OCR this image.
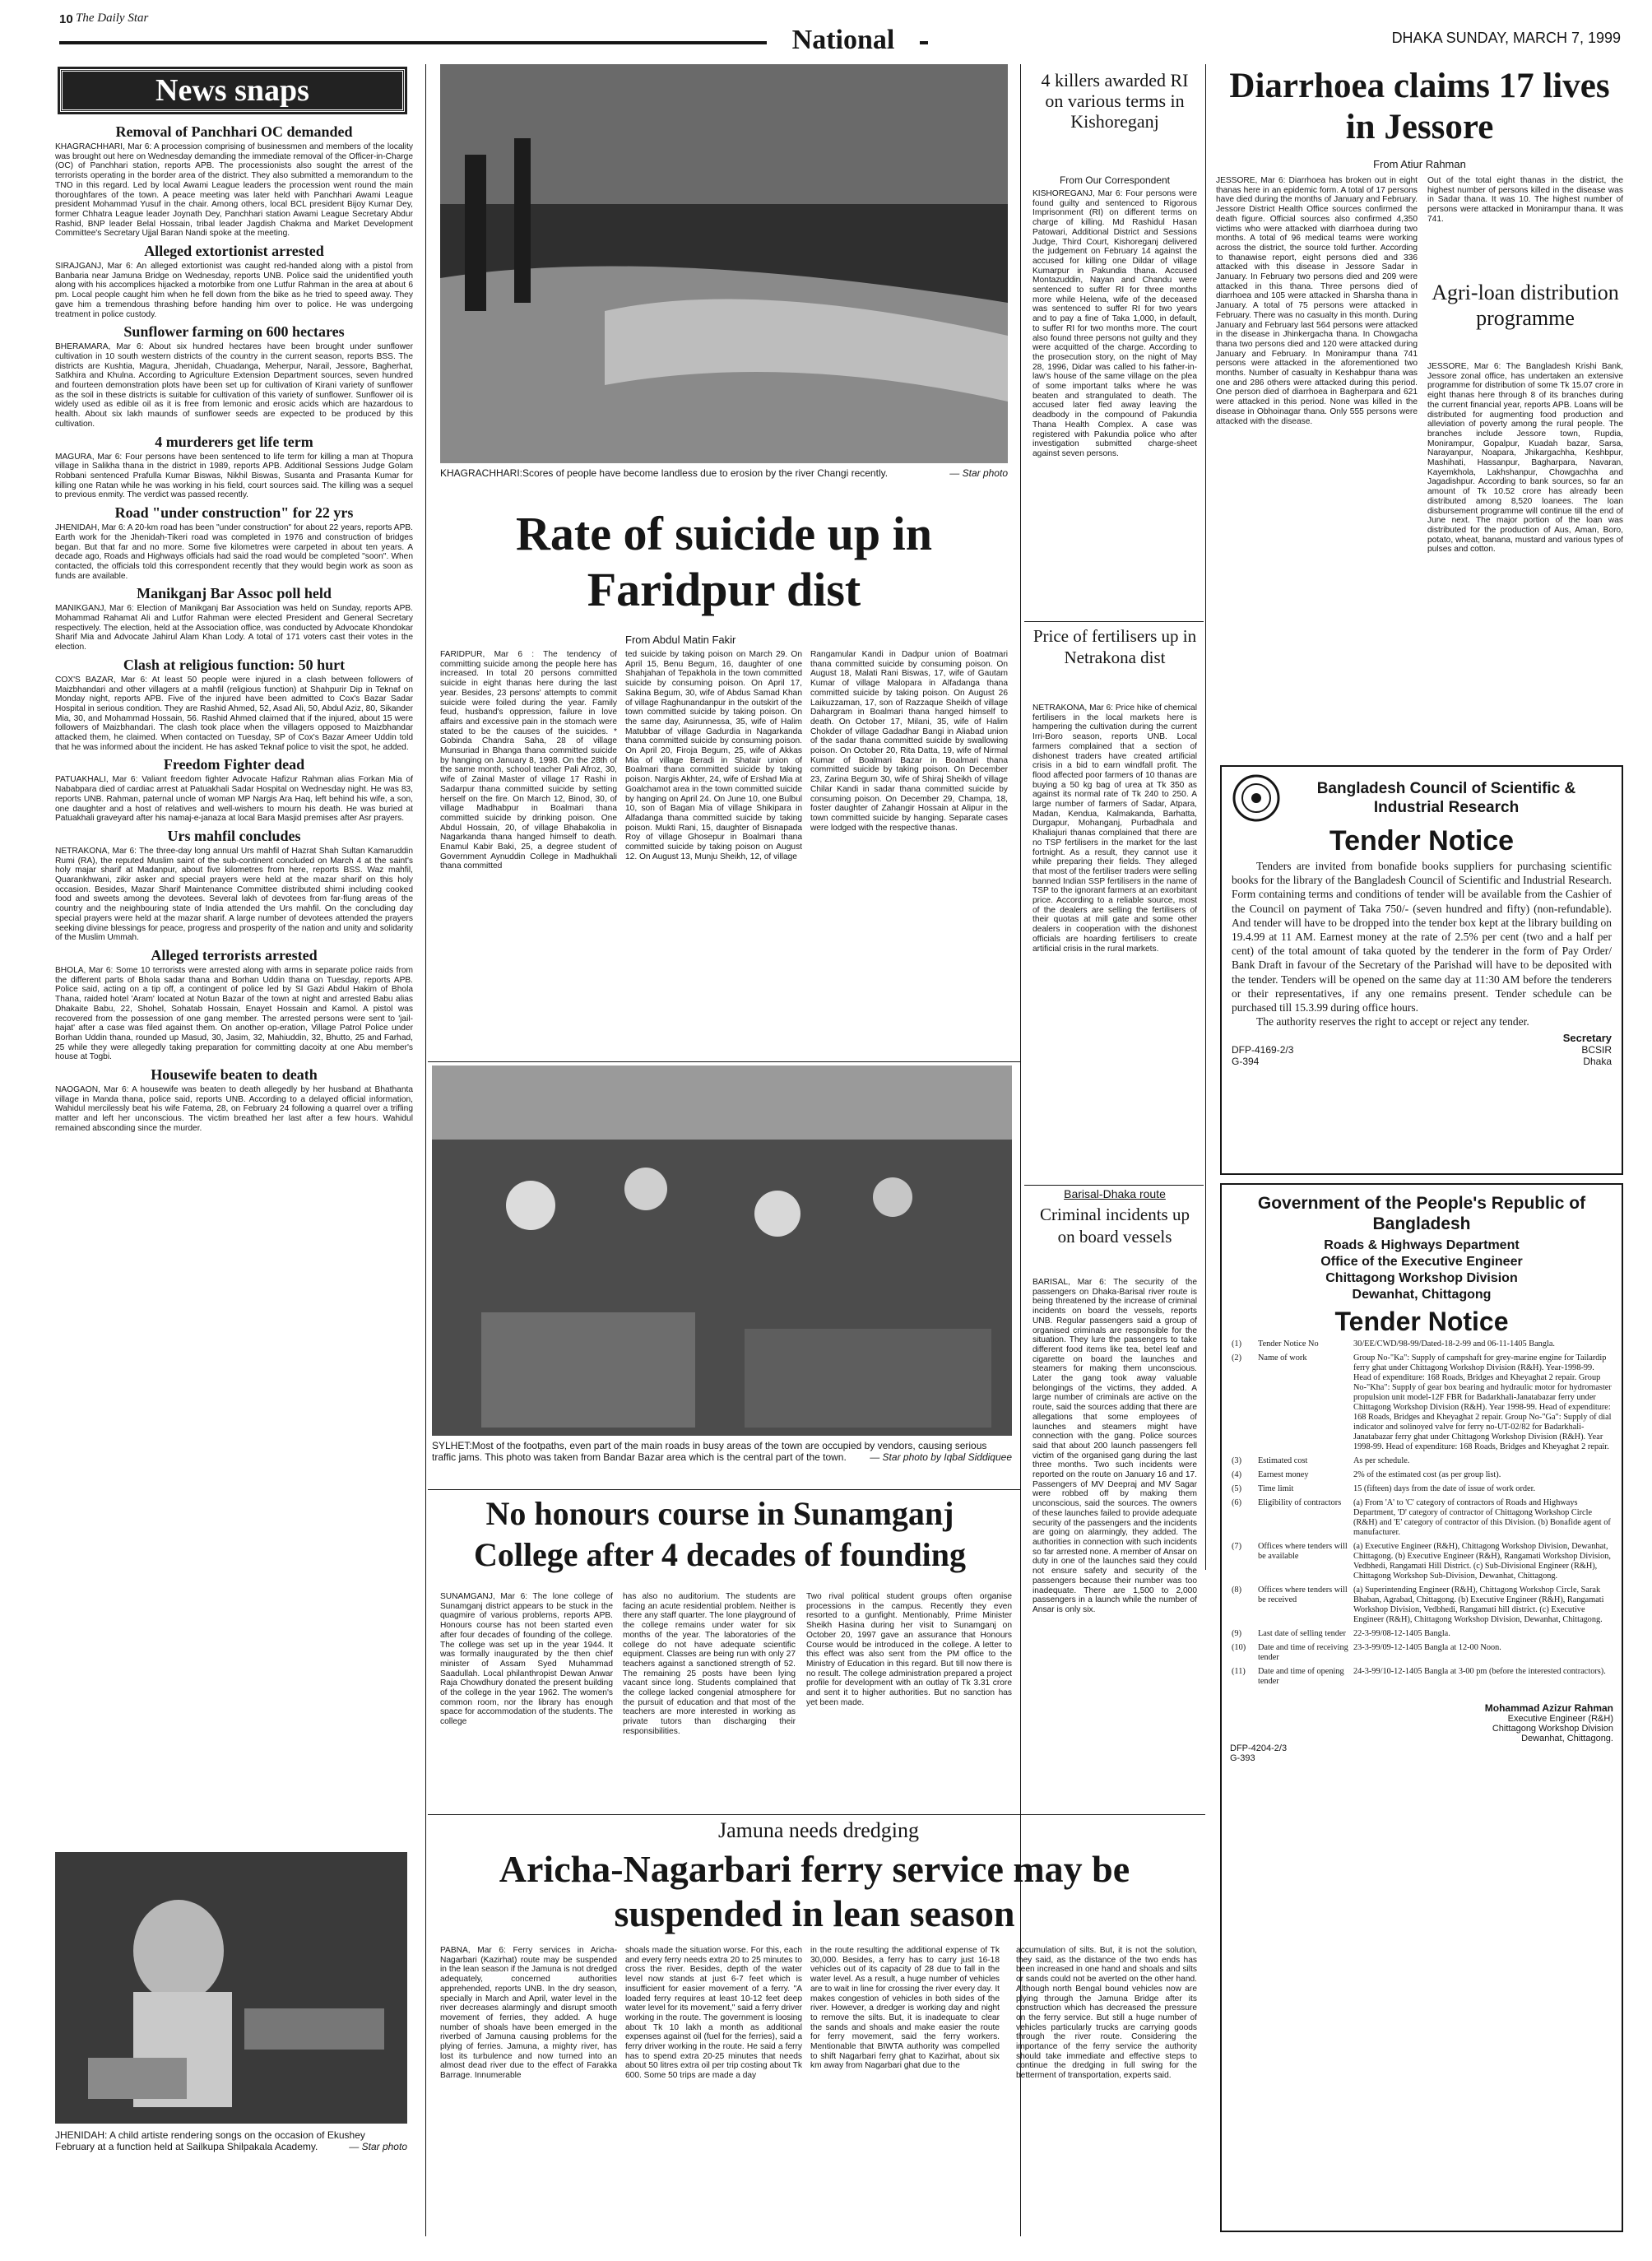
10 The Daily Star
National	DHAKA SUNDAY, MARCH 7, 1999
News snaps
Removal of Panchhari OC demanded
KHAGRACHHARI, Mar 6: A procession comprising of businessmen and members of the locality was brought out here on Wednesday demanding the immediate removal of the Officer-in-Charge (OC) of Panchhari station, reports APB. The processionists also sought the arrest of the terrorists operating in the border area of the district. They also submitted a memorandum to the TNO in this regard. Led by local Awami League leaders the procession went round the main thoroughfares of the town. A peace meeting was later held with Panchhari Awami League president Mohammad Yusuf in the chair. Among others, local BCL president Bijoy Kumar Dey, former Chhatra League leader Joynath Dey, Panchhari station Awami League Secretary Abdur Rashid, BNP leader Belal Hossain, tribal leader Jagdish Chakma and Market Development Committee's Secretary Ujjal Baran Nandi spoke at the meeting.
Alleged extortionist arrested
SIRAJGANJ, Mar 6: An alleged extortionist was caught red-handed along with a pistol from Banbaria near Jamuna Bridge on Wednesday, reports UNB. Police said the unidentified youth along with his accomplices hijacked a motorbike from one Lutfur Rahman in the area at about 6 pm. Local people caught him when he fell down from the bike as he tried to speed away. They gave him a tremendous thrashing before handing him over to police. He was undergoing treatment in police custody.
Sunflower farming on 600 hectares
BHERAMARA, Mar 6: About six hundred hectares have been brought under sunflower cultivation in 10 south western districts of the country in the current season, reports BSS. The districts are Kushtia, Magura, Jhenidah, Chuadanga, Meherpur, Narail, Jessore, Bagherhat, Satkhira and Khulna. According to Agriculture Extension Department sources, seven hundred and fourteen demonstration plots have been set up for cultivation of Kirani variety of sunflower as the soil in these districts is suitable for cultivation of this variety of sunflower. Sunflower oil is widely used as edible oil as it is free from lemonic and erosic acids which are hazardous to health. About six lakh maunds of sunflower seeds are expected to be produced by this cultivation.
4 murderers get life term
MAGURA, Mar 6: Four persons have been sentenced to life term for killing a man at Thopura village in Salikha thana in the district in 1989, reports APB. Additional Sessions Judge Golam Robbani sentenced Prafulla Kumar Biswas, Nikhil Biswas, Susanta and Prasanta Kumar for killing one Ratan while he was working in his field, court sources said. The killing was a sequel to previous enmity. The verdict was passed recently.
Road "under construction" for 22 yrs
JHENIDAH, Mar 6: A 20-km road has been "under construction" for about 22 years, reports APB. Earth work for the Jhenidah-Tikeri road was completed in 1976 and construction of bridges began. But that far and no more. Some five kilometres were carpeted in about ten years. A decade ago, Roads and Highways officials had said the road would be completed "soon". When contacted, the officials told this correspondent recently that they would begin work as soon as funds are available.
Manikganj Bar Assoc poll held
MANIKGANJ, Mar 6: Election of Manikganj Bar Association was held on Sunday, reports APB. Mohammad Rahamat Ali and Lutfor Rahman were elected President and General Secretary respectively. The election, held at the Association office, was conducted by Advocate Khondokar Sharif Mia and Advocate Jahirul Alam Khan Lody. A total of 171 voters cast their votes in the election.
Clash at religious function: 50 hurt
COX'S BAZAR, Mar 6: At least 50 people were injured in a clash between followers of Maizbhandari and other villagers at a mahfil (religious function) at Shahpurir Dip in Teknaf on Monday night, reports APB. Five of the injured have been admitted to Cox's Bazar Sadar Hospital in serious condition. They are Rashid Ahmed, 52, Asad Ali, 50, Abdul Aziz, 80, Sikander Mia, 30, and Mohammad Hossain, 56. Rashid Ahmed claimed that if the injured, about 15 were followers of Maizbhandari. The clash took place when the villagers opposed to Maizbhandar attacked them, he claimed. When contacted on Tuesday, SP of Cox's Bazar Ameer Uddin told that he was informed about the incident. He has asked Teknaf police to visit the spot, he added.
Freedom Fighter dead
PATUAKHALI, Mar 6: Valiant freedom fighter Advocate Hafizur Rahman alias Forkan Mia of Nababpara died of cardiac arrest at Patuakhali Sadar Hospital on Wednesday night. He was 83, reports UNB. Rahman, paternal uncle of woman MP Nargis Ara Haq, left behind his wife, a son, one daughter and a host of relatives and well-wishers to mourn his death. He was buried at Patuakhali graveyard after his namaj-e-janaza at local Bara Masjid premises after Asr prayers.
Urs mahfil concludes
NETRAKONA, Mar 6: The three-day long annual Urs mahfil of Hazrat Shah Sultan Kamaruddin Rumi (RA), the reputed Muslim saint of the sub-continent concluded on March 4 at the saint's holy majar sharif at Madanpur, about five kilometres from here, reports BSS. Waz mahfil, Quarankhwani, zikir asker and special prayers were held at the mazar sharif on this holy occasion. Besides, Mazar Sharif Maintenance Committee distributed shirni including cooked food and sweets among the devotees. Several lakh of devotees from far-flung areas of the country and the neighbouring state of India attended the Urs mahfil. On the concluding day special prayers were held at the mazar sharif. A large number of devotees attended the prayers seeking divine blessings for peace, progress and prosperity of the nation and unity and solidarity of the Muslim Ummah.
Alleged terrorists arrested
BHOLA, Mar 6: Some 10 terrorists were arrested along with arms in separate police raids from the different parts of Bhola sadar thana and Borhan Uddin thana on Tuesday, reports APB. Police said, acting on a tip off, a contingent of police led by SI Gazi Abdul Hakim of Bhola Thana, raided hotel 'Aram' located at Notun Bazar of the town at night and arrested Babu alias Dhakaite Babu, 22, Shohel, Sohatab Hossain, Enayet Hossain and Kamol. A pistol was recovered from the possession of one gang member. The arrested persons were sent to 'jail-hajat' after a case was filed against them. On another op-eration, Village Patrol Police under Borhan Uddin thana, rounded up Masud, 30, Jasim, 32, Mahiuddin, 32, Bhutto, 25 and Farhad, 25 while they were allegedly taking preparation for committing dacoity at one Abu member's house at Togbi.
Housewife beaten to death
NAOGAON, Mar 6: A housewife was beaten to death allegedly by her husband at Bhathanta village in Manda thana, police said, reports UNB. According to a delayed official information, Wahidul mercilessly beat his wife Fatema, 28, on February 24 following a quarrel over a trifling matter and left her unconscious. The victim breathed her last after a few hours. Wahidul remained absconding since the murder.
JHENIDAH: A child artiste rendering songs on the occasion of Ekushey February at a function held at Sailkupa Shilpakala Academy.	— Star photo
KHAGRACHHARI:Scores of people have become landless due to erosion by the river Changi recently.	— Star photo
Rate of suicide up in Faridpur dist
From Abdul Matin Fakir
FARIDPUR, Mar 6 : The tendency of committing suicide among the people here has increased. In total 20 persons committed suicide in eight thanas here during the last year. Besides, 23 persons' attempts to commit suicide were foiled during the year. Family feud, husband's oppression, failure in love affairs and excessive pain in the stomach were stated to be the causes of the suicides. * Gobinda Chandra Saha, 28 of village Munsuriad in Bhanga thana committed suicide by hanging on January 8, 1998. On the 28th of the same month, school teacher Pali Afroz, 30, wife of Zainal Master of village 17 Rashi in Sadarpur thana committed suicide by setting herself on the fire. On March 12, Binod, 30, of village Madhabpur in Boalmari thana committed suicide by drinking poison. One Abdul Hossain, 20, of village Bhabakolia in Nagarkanda thana hanged himself to death. Enamul Kabir Baki, 25, a degree student of Government Aynuddin College in Madhukhali thana committed
ted suicide by taking poison on March 29. On April 15, Benu Begum, 16, daughter of one Shahjahan of Tepakhola in the town committed suicide by consuming poison. On April 17, Sakina Begum, 30, wife of Abdus Samad Khan of village Raghunandanpur in the outskirt of the town committed suicide by taking poison. On the same day, Asirunnessa, 35, wife of Halim Matubbar of village Gadurdia in Nagarkanda thana committed suicide by consuming poison. On April 20, Firoja Begum, 25, wife of Akkas Mia of village Beradi in Shatair union of Boalmari thana committed suicide by taking poison. Nargis Akhter, 24, wife of Ershad Mia at Goalchamot area in the town committed suicide by hanging on April 24. On June 10, one Bulbul 10, son of Bagan Mia of village Shikipara in Alfadanga thana committed suicide by taking poison. Mukti Rani, 15, daughter of Bisnapada Roy of village Ghosepur in Boalmari thana committed suicide by taking poison on August 12. On August 13, Munju Sheikh, 12, of village
Rangamular Kandi in Dadpur union of Boatmari thana committed suicide by consuming poison. On August 18, Malati Rani Biswas, 17, wife of Gautam Kumar of village Malopara in Alfadanga thana committed suicide by taking poison. On August 26 Laikuzzaman, 17, son of Razzaque Sheikh of village Dahargram in Boalmari thana hanged himself to death. On October 17, Milani, 35, wife of Halim Chokder of village Gadadhar Bangi in Aliabad union of the sadar thana committed suicide by swallowing poison. On October 20, Rita Datta, 19, wife of Nirmal Kumar of Boalmari Bazar in Boalmari thana committed suicide by taking poison. On December 23, Zarina Begum 30, wife of Shiraj Sheikh of village Chilar Kandi in sadar thana committed suicide by consuming poison. On December 29, Champa, 18, foster daughter of Zahangir Hossain at Alipur in the town committed suicide by hanging. Separate cases were lodged with the respective thanas.
SYLHET:Most of the footpaths, even part of the main roads in busy areas of the town are occupied by vendors, causing serious traffic jams. This photo was taken from Bandar Bazar area which is the central part of the town. — Star photo by Iqbal Siddiquee
No honours course in Sunamganj College after 4 decades of founding
SUNAMGANJ, Mar 6: The lone college of Sunamganj district appears to be stuck in the quagmire of various problems, reports APB. Honours course has not been started even after four decades of founding of the college. The college was set up in the year 1944. It was formally inaugurated by the then chief minister of Assam Syed Muhammad Saadullah. Local philanthropist Dewan Anwar Raja Chowdhury donated the present building of the college in the year 1962. The women's common room, nor the library has enough space for accommodation of the students. The college
has also no auditorium. The students are facing an acute residential problem. Neither is there any staff quarter. The lone playground of the college remains under water for six months of the year. The laboratories of the college do not have adequate scientific equipment. Classes are being run with only 27 teachers against a sanctioned strength of 52. The remaining 25 posts have been lying vacant since long. Students complained that the college lacked congenial atmosphere for the pursuit of education and that most of the teachers are more interested in working as private tutors than discharging their responsibilities.
Two rival political student groups often organise processions in the campus. Recently they even resorted to a gunfight. Mentionably, Prime Minister Sheikh Hasina during her visit to Sunamganj on October 20, 1997 gave an assurance that Honours Course would be introduced in the college. A letter to this effect was also sent from the PM office to the Ministry of Education in this regard. But till now there is no result. The college administration prepared a project profile for development with an outlay of Tk 3.31 crore and sent it to higher authorities. But no sanction has yet been made.
4 killers awarded RI on various terms in Kishoreganj
From Our Correspondent
KISHOREGANJ, Mar 6: Four persons were found guilty and sentenced to Rigorous Imprisonment (RI) on different terms on charge of killing. Md Rashidul Hasan Patowari, Additional District and Sessions Judge, Third Court, Kishoreganj delivered the judgement on February 14 against the accused for killing one Dildar of village Kumarpur in Pakundia thana. Accused Montazuddin, Nayan and Chandu were sentenced to suffer RI for three months more while Helena, wife of the deceased was sentenced to suffer RI for two years and to pay a fine of Taka 1,000, in default, to suffer RI for two months more. The court also found three persons not guilty and they were acquitted of the charge. According to the prosecution story, on the night of May 28, 1996, Didar was called to his father-in-law's house of the same village on the plea of some important talks where he was beaten and strangulated to death. The accused later fled away leaving the deadbody in the compound of Pakundia Thana Health Complex. A case was registered with Pakundia police who after investigation submitted charge-sheet against seven persons.
Price of fertilisers up in Netrakona dist
NETRAKONA, Mar 6: Price hike of chemical fertilisers in the local markets here is hampering the cultivation during the current Irri-Boro season, reports UNB. Local farmers complained that a section of dishonest traders have created artificial crisis in a bid to earn windfall profit. The flood affected poor farmers of 10 thanas are buying a 50 kg bag of urea at Tk 350 as against its normal rate of Tk 240 to 250. A large number of farmers of Sadar, Atpara, Madan, Kendua, Kalmakanda, Barhatta, Durgapur, Mohanganj, Purbadhala and Khaliajuri thanas complained that there are no TSP fertilisers in the market for the last fortnight. As a result, they cannot use it while preparing their fields. They alleged that most of the fertiliser traders were selling banned Indian SSP fertilisers in the name of TSP to the ignorant farmers at an exorbitant price. According to a reliable source, most of the dealers are selling the fertilisers of their quotas at mill gate and some other dealers in cooperation with the dishonest officials are hoarding fertilisers to create artificial crisis in the rural markets.
Barisal-Dhaka route
Criminal incidents up on board vessels
BARISAL, Mar 6: The security of the passengers on Dhaka-Barisal river route is being threatened by the increase of criminal incidents on board the vessels, reports UNB. Regular passengers said a group of organised criminals are responsible for the situation. They lure the passengers to take different food items like tea, betel leaf and cigarette on board the launches and steamers for making them unconscious. Later the gang took away valuable belongings of the victims, they added. A large number of criminals are active on the route, said the sources adding that there are allegations that some employees of launches and steamers might have connection with the gang. Police sources said that about 200 launch passengers fell victim of the organised gang during the last three months. Two such incidents were reported on the route on January 16 and 17. Passengers of MV Deepraj and MV Sagar were robbed off by making them unconscious, said the sources. The owners of these launches failed to provide adequate security of the passengers and the incidents are going on alarmingly, they added. The authorities in connection with such incidents so far arrested none. A member of Ansar on duty in one of the launches said they could not ensure safety and security of the passengers because their number was too inadequate. There are 1,500 to 2,000 passengers in a launch while the number of Ansar is only six.
Jamuna needs dredging
Aricha-Nagarbari ferry service may be suspended in lean season
PABNA, Mar 6: Ferry services in Aricha-Nagarbari (Kazirhat) route may be suspended in the lean season if the Jamuna is not dredged adequately, concerned authorities apprehended, reports UNB. In the dry season, specially in March and April, water level in the river decreases alarmingly and disrupt smooth movement of ferries, they added. A huge number of shoals have been emerged in the riverbed of Jamuna causing problems for the plying of ferries. Jamuna, a mighty river, has lost its turbulence and now turned into an almost dead river due to the effect of Farakka Barrage. Innumerable
shoals made the situation worse. For this, each and every ferry needs extra 20 to 25 minutes to cross the river. Besides, depth of the water level now stands at just 6-7 feet which is insufficient for easier movement of a ferry. "A loaded ferry requires at least 10-12 feet deep water level for its movement," said a ferry driver working in the route. The government is loosing about Tk 10 lakh a month as additional expenses against oil (fuel for the ferries), said a ferry driver working in the route. He said a ferry has to spend extra 20-25 minutes that needs about 50 litres extra oil per trip costing about Tk 600. Some 50 trips are made a day
in the route resulting the additional expense of Tk 30,000. Besides, a ferry has to carry just 16-18 vehicles out of its capacity of 28 due to fall in the water level. As a result, a huge number of vehicles are to wait in line for crossing the river every day. It makes congestion of vehicles in both sides of the river. However, a dredger is working day and night to remove the silts. But, it is inadequate to clear the sands and shoals and make easier the route for ferry movement, said the ferry workers. Mentionable that BIWTA authority was compelled to shift Nagarbari ferry ghat to Kazirhat, about six km away from Nagarbari ghat due to the
accumulation of silts. But, it is not the solution, they said, as the distance of the two ends has been increased in one hand and shoals and silts or sands could not be averted on the other hand. Although north Bengal bound vehicles now are plying through the Jamuna Bridge after its construction which has decreased the pressure on the ferry service. But still a huge number of vehicles particularly trucks are carrying goods through the river route. Considering the importance of the ferry service the authority should take immediate and effective steps to continue the dredging in full swing for the betterment of transportation, experts said.
Diarrhoea claims 17 lives in Jessore
From Atiur Rahman
JESSORE, Mar 6: Diarrhoea has broken out in eight thanas here in an epidemic form. A total of 17 persons have died during the months of January and February. Jessore District Health Office sources confirmed the death figure. Official sources also confirmed 4,350 victims who were attacked with diarrhoea during two months. A total of 96 medical teams were working across the district, the source told further. According to thanawise report, eight persons died and 336 attacked with this disease in Jessore Sadar in January. In February two persons died and 209 were attacked in this thana. Three persons died of diarrhoea and 105 were attacked in Sharsha thana in January. A total of 75 persons were attacked in February. There was no casualty in this month. During January and February last 564 persons were attacked in the disease in Jhinkergacha thana. In Chowgacha thana two persons died and 120 were attacked during January and February. In Monirampur thana 741 persons were attacked in the aforementioned two months. Number of casualty in Keshabpur thana was one and 286 others were attacked during this period. One person died of diarrhoea in Bagherpara and 621 were attacked in this period. None was killed in the disease in Obhoinagar thana. Only 555 persons were attacked with the disease.
Out of the total eight thanas in the district, the highest number of persons killed in the disease was in Sadar thana. It was 10. The highest number of persons were attacked in Monirampur thana. It was 741.
Agri-loan distribution programme
JESSORE, Mar 6: The Bangladesh Krishi Bank, Jessore zonal office, has undertaken an extensive programme for distribution of some Tk 15.07 crore in eight thanas here through 8 of its branches during the current financial year, reports APB. Loans will be distributed for augmenting food production and alleviation of poverty among the rural people. The branches include Jessore town, Rupdia, Monirampur, Gopalpur, Kuadah bazar, Sarsa, Narayanpur, Noapara, Jhikargachha, Keshbpur, Mashihati, Hassanpur, Bagharpara, Navaran, Kayemkhola, Lakhshanpur, Chowgachha and Jagadishpur. According to bank sources, so far an amount of Tk 10.52 crore has already been distributed among 8,520 loanees. The loan disbursement programme will continue till the end of June next. The major portion of the loan was distributed for the production of Aus, Aman, Boro, potato, wheat, banana, mustard and various types of pulses and cotton.
Bangladesh Council of Scientific & Industrial Research
Tender Notice
Tenders are invited from bonafide books suppliers for purchasing scientific books for the library of the Bangladesh Council of Scientific and Industrial Research. Form containing terms and conditions of tender will be available from the Cashier of the Council on payment of Taka 750/- (seven hundred and fifty) (non-refundable). And tender will have to be dropped into the tender box kept at the library building on 19.4.99 at 11 AM. Earnest money at the rate of 2.5% per cent (two and a half per cent) of the total amount of taka quoted by the tenderer in the form of Pay Order/ Bank Draft in favour of the Secretary of the Parishad will have to be deposited with the tender. Tenders will be opened on the same day at 11:30 AM before the tenderers or their representatives, if any one remains present. Tender schedule can be purchased till 15.3.99 during office hours.
The authority reserves the right to accept or reject any tender.
Secretary
DFP-4169-2/3	BCSIR
G-394	Dhaka
Government of the People's Republic of Bangladesh
Roads & Highways Department
Office of the Executive Engineer
Chittagong Workshop Division
Dewanhat, Chittagong
Tender Notice
(1)	Tender Notice No	30/EE/CWD/98-99/Dated-18-2-99 and 06-11-1405 Bangla.
(2)	Name of work	Group No-"Ka": Supply of campshaft for grey-marine engine for Tailardip ferry ghat under Chittagong Workshop Division (R&H). Year-1998-99. Head of expenditure: 168 Roads, Bridges and Kheyaghat 2 repair. Group No-"Kha": Supply of gear box bearing and hydraulic motor for hydromaster propulsion unit model-12F FBR for Badarkhali-Janatabazar ferry under Chittagong Workshop Division (R&H). Year 1998-99. Head of expenditure: 168 Roads, Bridges and Kheyaghat 2 repair. Group No-"Ga": Supply of dial indicator and solinoyed valve for ferry no-UT-02/82 for Badarkhali-Janatabazar ferry ghat under Chittagong Workshop Division (R&H). Year 1998-99. Head of expenditure: 168 Roads, Bridges and Kheyaghat 2 repair.
(3)	Estimated cost	As per schedule.
(4)	Earnest money	2% of the estimated cost (as per group list).
(5)	Time limit	15 (fifteen) days from the date of issue of work order.
(6)	Eligibility of contractors	(a) From 'A' to 'C' category of contractors of Roads and Highways Department, 'D' category of contractor of Chittagong Workshop Circle (R&H) and 'E' category of contractor of this Division. (b) Bonafide agent of manufacturer.
(7)	Offices where tenders will be available	(a) Executive Engineer (R&H), Chittagong Workshop Division, Dewanhat, Chittagong. (b) Executive Engineer (R&H), Rangamati Workshop Division, Vedbhedi, Rangamati Hill District. (c) Sub-Divisional Engineer (R&H), Chittagong Workshop Sub-Division, Dewanhat, Chittagong.
(8)	Offices where tenders will be received	(a) Superintending Engineer (R&H), Chittagong Workshop Circle, Sarak Bhaban, Agrabad, Chittagong. (b) Executive Engineer (R&H), Rangamati Workshop Division, Vedbhedi, Rangamati hill district. (c) Executive Engineer (R&H), Chittagong Workshop Division, Dewanhat, Chittagong.
(9)	Last date of selling tender	22-3-99/08-12-1405 Bangla.
(10)	Date and time of receiving tender	23-3-99/09-12-1405 Bangla at 12-00 Noon.
(11)	Date and time of opening tender	24-3-99/10-12-1405 Bangla at 3-00 pm (before the interested contractors).
Mohammad Azizur Rahman
Executive Engineer (R&H)
Chittagong Workshop Division
Dewanhat, Chittagong.
DFP-4204-2/3
G-393
